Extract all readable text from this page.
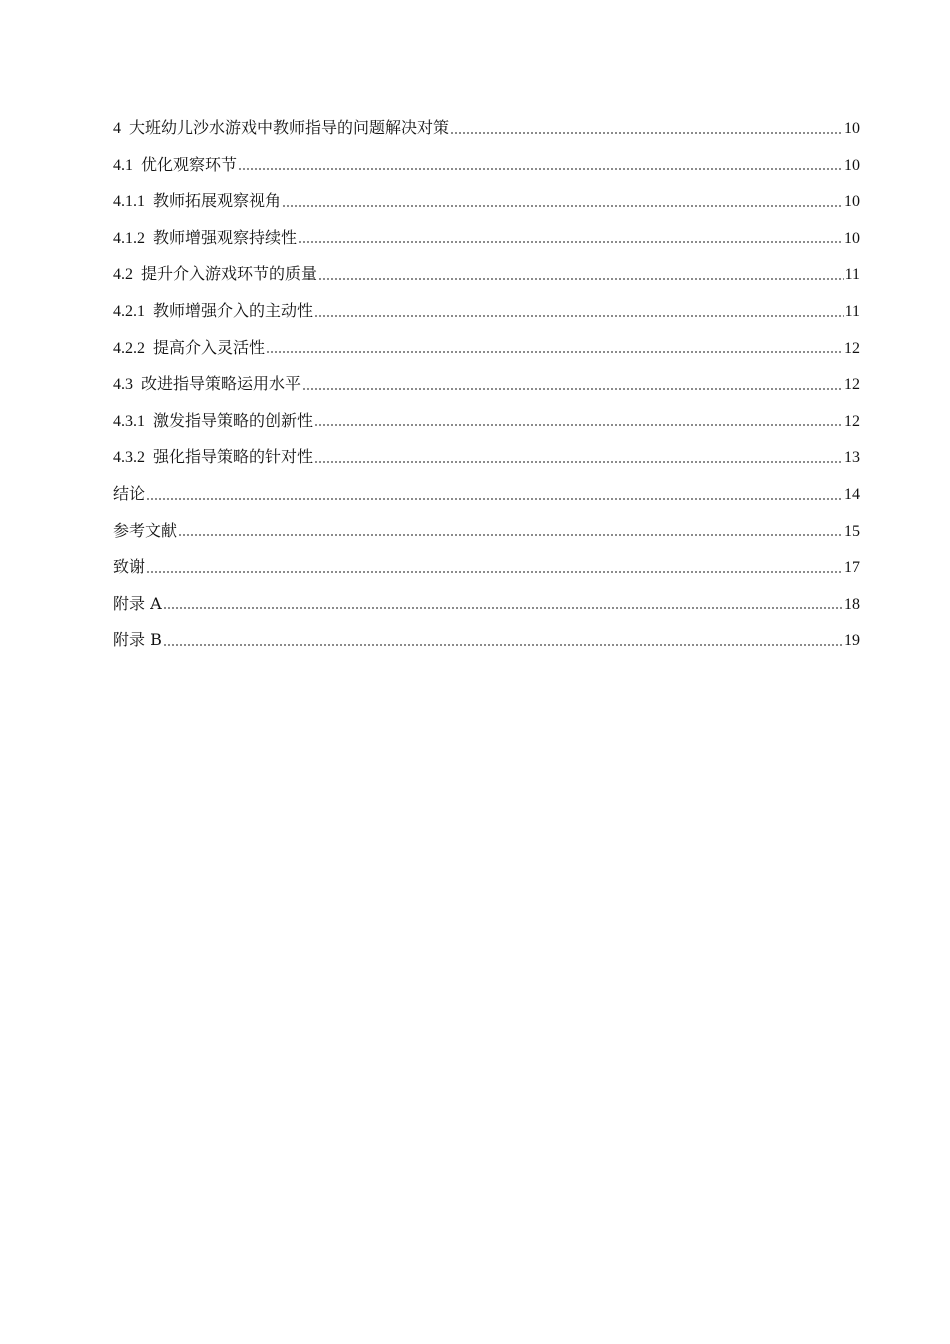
4 大班幼儿沙水游戏中教师指导的问题解决对策	10
4.1 优化观察环节	10
4.1.1 教师拓展观察视角	10
4.1.2 教师增强观察持续性	10
4.2 提升介入游戏环节的质量	11
4.2.1 教师增强介入的主动性	11
4.2.2 提高介入灵活性	12
4.3 改进指导策略运用水平	12
4.3.1 激发指导策略的创新性	12
4.3.2 强化指导策略的针对性	13
结论	14
参考文献	15
致谢	17
附录 A	18
附录 B	19
